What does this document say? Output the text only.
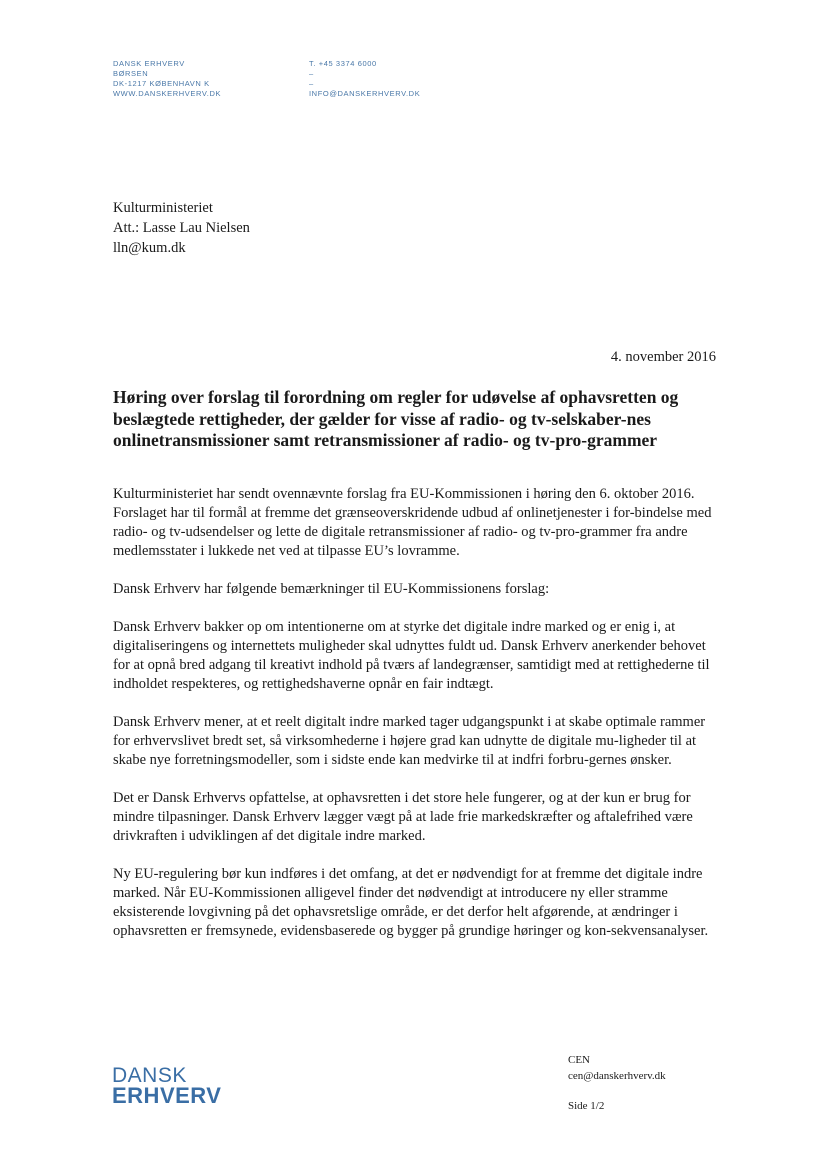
DANSK ERHVERV
BØRSEN
DK-1217 KØBENHAVN K
WWW.DANSKERHVERV.DK
T. +45 3374 6000
–
–
INFO@DANSKERHVERV.DK
Kulturministeriet
Att.: Lasse Lau Nielsen
lln@kum.dk
4. november 2016
Høring over forslag til forordning om regler for udøvelse af ophavsretten og beslægtede rettigheder, der gælder for visse af radio- og tv-selskaber-nes onlinetransmissioner samt retransmissioner af radio- og tv-pro-grammer

Kulturministeriet har sendt ovennævnte forslag fra EU-Kommissionen i høring den 6. oktober 2016. Forslaget har til formål at fremme det grænseoverskridende udbud af onlinetjenester i for-bindelse med radio- og tv-udsendelser og lette de digitale retransmissioner af radio- og tv-pro-grammer fra andre medlemsstater i lukkede net ved at tilpasse EU’s lovramme.

Dansk Erhverv har følgende bemærkninger til EU-Kommissionens forslag:

Dansk Erhverv bakker op om intentionerne om at styrke det digitale indre marked og er enig i, at digitaliseringens og internettets muligheder skal udnyttes fuldt ud. Dansk Erhverv anerkender behovet for at opnå bred adgang til kreativt indhold på tværs af landegrænser, samtidigt med at rettighederne til indholdet respekteres, og rettighedshaverne opnår en fair indtægt.

Dansk Erhverv mener, at et reelt digitalt indre marked tager udgangspunkt i at skabe optimale rammer for erhvervslivet bredt set, så virksomhederne i højere grad kan udnytte de digitale mu-ligheder til at skabe nye forretningsmodeller, som i sidste ende kan medvirke til at indfri forbru-gernes ønsker.

Det er Dansk Erhvervs opfattelse, at ophavsretten i det store hele fungerer, og at der kun er brug for mindre tilpasninger. Dansk Erhverv lægger vægt på at lade frie markedskræfter og aftalefrihed være drivkraften i udviklingen af det digitale indre marked.

Ny EU-regulering bør kun indføres i det omfang, at det er nødvendigt for at fremme det digitale indre marked. Når EU-Kommissionen alligevel finder det nødvendigt at introducere ny eller stramme eksisterende lovgivning på det ophavsretslige område, er det derfor helt afgørende, at ændringer i ophavsretten er fremsynede, evidensbaserede og bygger på grundige høringer og kon-sekvensanalyser.

DANSK
ERHVERV
CEN
cen@danskerhverv.dk
Side 1/2
